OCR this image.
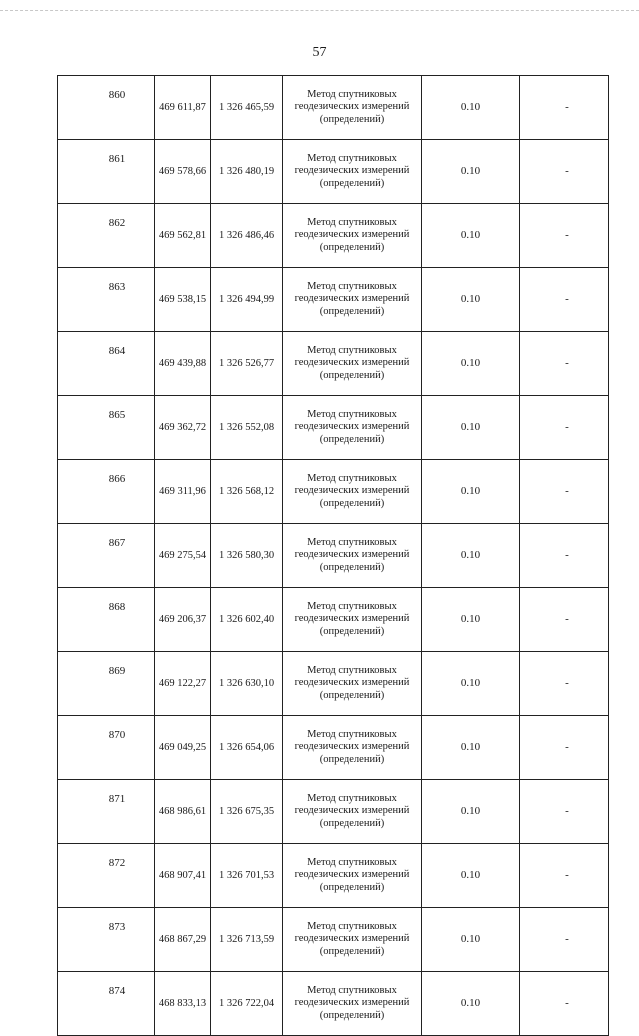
57
860	469 611,87	1 326 465,59	Метод спутниковых геодезических измерений (определений)	0.10	-
861	469 578,66	1 326 480,19	Метод спутниковых геодезических измерений (определений)	0.10	-
862	469 562,81	1 326 486,46	Метод спутниковых геодезических измерений (определений)	0.10	-
863	469 538,15	1 326 494,99	Метод спутниковых геодезических измерений (определений)	0.10	-
864	469 439,88	1 326 526,77	Метод спутниковых геодезических измерений (определений)	0.10	-
865	469 362,72	1 326 552,08	Метод спутниковых геодезических измерений (определений)	0.10	-
866	469 311,96	1 326 568,12	Метод спутниковых геодезических измерений (определений)	0.10	-
867	469 275,54	1 326 580,30	Метод спутниковых геодезических измерений (определений)	0.10	-
868	469 206,37	1 326 602,40	Метод спутниковых геодезических измерений (определений)	0.10	-
869	469 122,27	1 326 630,10	Метод спутниковых геодезических измерений (определений)	0.10	-
870	469 049,25	1 326 654,06	Метод спутниковых геодезических измерений (определений)	0.10	-
871	468 986,61	1 326 675,35	Метод спутниковых геодезических измерений (определений)	0.10	-
872	468 907,41	1 326 701,53	Метод спутниковых геодезических измерений (определений)	0.10	-
873	468 867,29	1 326 713,59	Метод спутниковых геодезических измерений (определений)	0.10	-
874	468 833,13	1 326 722,04	Метод спутниковых геодезических измерений (определений)	0.10	-
